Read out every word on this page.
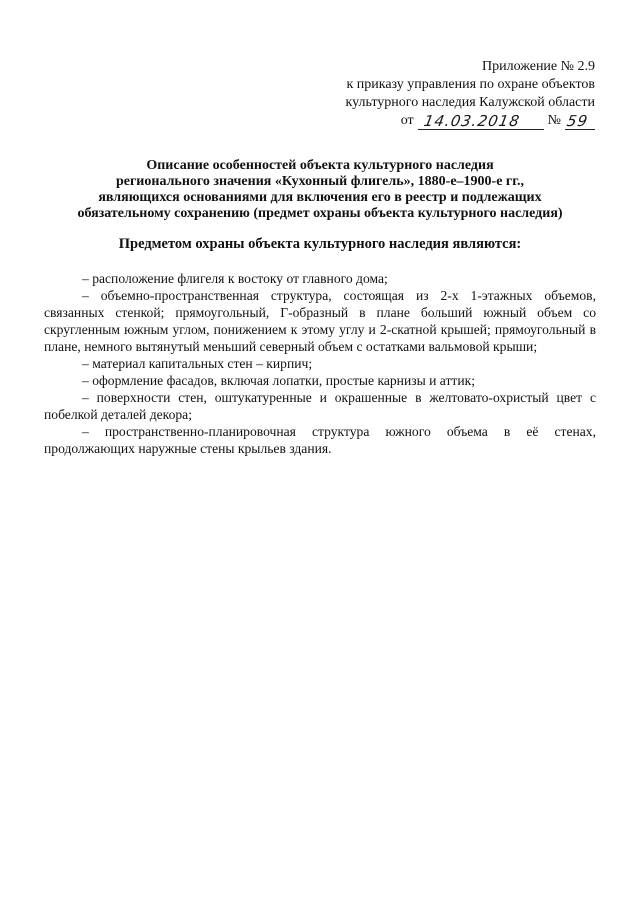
Приложение № 2.9
к приказу управления по охране объектов
культурного наследия Калужской области
от 14.03.2018 № 59
Описание особенностей объекта культурного наследия
регионального значения «Кухонный флигель», 1880-е–1900-е гг.,
являющихся основаниями для включения его в реестр и подлежащих
обязательному сохранению (предмет охраны объекта культурного наследия)
Предметом охраны объекта культурного наследия являются:

– расположение флигеля к востоку от главного дома;

– объемно-пространственная структура, состоящая из 2-х 1-этажных объемов, связанных стенкой; прямоугольный, Г-образный в плане больший южный объем со скругленным южным углом, понижением к этому углу и 2-скатной крышей; прямоугольный в плане, немного вытянутый меньший северный объем с остатками вальмовой крыши;

– материал капитальных стен – кирпич;

– оформление фасадов, включая лопатки, простые карнизы и аттик;

– поверхности стен, оштукатуренные и окрашенные в желтовато-охристый цвет с побелкой деталей декора;

– пространственно-планировочная структура южного объема в её стенах, продолжающих наружные стены крыльев здания.
